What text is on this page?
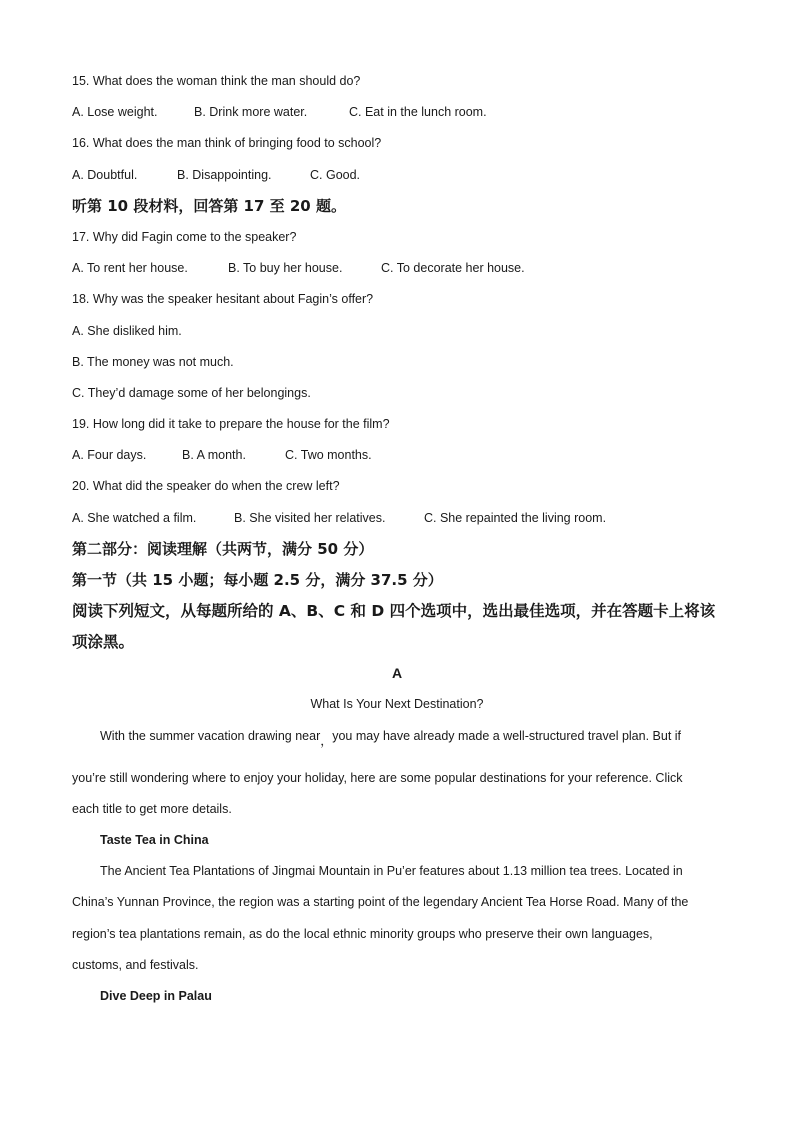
15. What does the woman think the man should do?
A. Lose weight.	B. Drink more water.	C. Eat in the lunch room.
16. What does the man think of bringing food to school?
A. Doubtful.	B. Disappointing.	C. Good.
听第 10 段材料，回答第 17 至 20 题。
17. Why did Fagin come to the speaker?
A. To rent her house.	B. To buy her house.	C. To decorate her house.
18. Why was the speaker hesitant about Fagin’s offer?
A. She disliked him.
B. The money was not much.
C. They’d damage some of her belongings.
19. How long did it take to prepare the house for the film?
A. Four days.	B. A month.	C. Two months.
20. What did the speaker do when the crew left?
A. She watched a film.	B. She visited her relatives.	C. She repainted the living room.
第二部分：阅读理解（共两节，满分 50 分）
第一节（共 15 小题；每小题 2.5 分，满分 37.5 分）
阅读下列短文，从每题所给的 A、B、C 和 D 四个选项中，选出最佳选项，并在答题卡上将该项涂黑。
A
What Is Your Next Destination?
With the summer vacation drawing near，you may have already made a well-structured travel plan. But if
you’re still wondering where to enjoy your holiday, here are some popular destinations for your reference. Click
each title to get more details.
Taste Tea in China
The Ancient Tea Plantations of Jingmai Mountain in Pu’er features about 1.13 million tea trees. Located in
China’s Yunnan Province, the region was a starting point of the legendary Ancient Tea Horse Road. Many of the
region’s tea plantations remain, as do the local ethnic minority groups who preserve their own languages,
customs, and festivals.
Dive Deep in Palau
